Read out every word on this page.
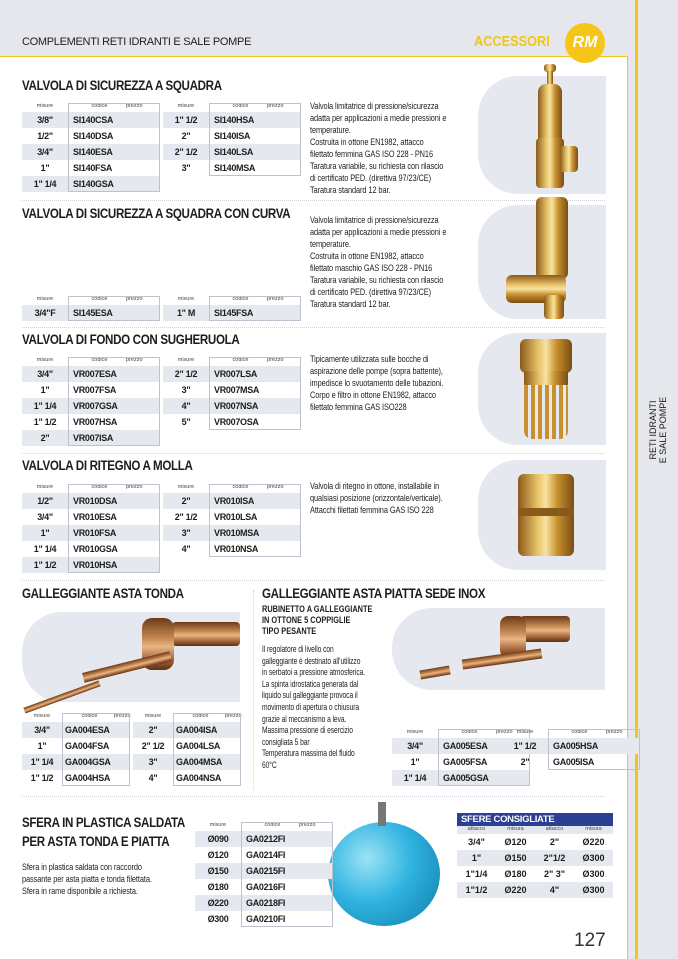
RETI IDRANTI E SALE POMPE
COMPLEMENTI RETI IDRANTI E SALE POMPE	ACCESSORI	RM
VALVOLA DI SICUREZZA A SQUADRA
VALVOLA DI SICUREZZA A SQUADRA CON CURVA
VALVOLA DI FONDO CON SUGHERUOLA
VALVOLA DI RITEGNO A MOLLA
GALLEGGIANTE ASTA TONDA	GALLEGGIANTE ASTA PIATTA SEDE INOX
SFERA IN PLASTICA SALDATA
PER ASTA TONDA E PIATTA
Valvola limitatrice di pressione/sicurezza
adatta per applicazioni a medie pressioni e
temperature.
Costruita in ottone EN1982, attacco
filettato femmina GAS ISO 228 - PN16
Taratura variabile, su richiesta con rilascio
di certificato PED. (direttiva 97/23/CE)
Taratura standard 12 bar.
Valvola limitatrice di pressione/sicurezza
adatta per applicazioni a medie pressioni e
temperature.
Costruita in ottone EN1982, attacco
filettato maschio GAS ISO 228 - PN16
Taratura variabile, su richiesta con rilascio
di certificato PED. (direttiva 97/23/CE)
Taratura standard 12 bar.
Tipicamente utilizzata sulle bocche di
aspirazione delle pompe (sopra battente),
impedisce lo svuotamento delle tubazioni.
Corpo e filtro in ottone EN1982, attacco
filettato femmina GAS ISO228
Valvola di ritegno in ottone, installabile in
qualsiasi posizione (orizzontale/verticale).
Attacchi filettati femmina GAS ISO 228
RUBINETTO A GALLEGGIANTE
IN OTTONE 5 COPPIGLIE
TIPO PESANTE
Il regolatore di livello con
galleggiante è destinato all'utilizzo
in serbatoi a pressione atmosferica.
La spinta idrostatica generata dal
liquido sul galleggiante provoca il
movimento di apertura o chiusura
grazie al meccanismo a leva.
Massima pressione di esercizio
consigliata 5 bar
Temperatura massima del fluido
60°C
Sfera in plastica saldata con raccordo
passante per asta piatta e tonda filettata.
Sfera in rame disponibile a richiesta.
misure	codice	prezzo
3/8"	SI140CSA
1/2"	SI140DSA
3/4"	SI140ESA
1"	SI140FSA
1" 1/4	SI140GSA
misure	codice	prezzo
1" 1/2	SI140HSA
2"	SI140ISA
2" 1/2	SI140LSA
3"	SI140MSA
misure	codice	prezzo
3/4"F	SI145ESA
misure	codice	prezzo
1" M	SI145FSA
misure	codice	prezzo
3/4"	VR007ESA
1"	VR007FSA
1" 1/4	VR007GSA
1" 1/2	VR007HSA
2"	VR007ISA
misure	codice	prezzo
2" 1/2	VR007LSA
3"	VR007MSA
4"	VR007NSA
5"	VR007OSA
misure	codice	prezzo
1/2"	VR010DSA
3/4"	VR010ESA
1"	VR010FSA
1" 1/4	VR010GSA
1" 1/2	VR010HSA
misure	codice	prezzo
2"	VR010ISA
2" 1/2	VR010LSA
3"	VR010MSA
4"	VR010NSA
misure	codice	prezzo
3/4"	GA004ESA
1"	GA004FSA
1" 1/4	GA004GSA
1" 1/2	GA004HSA
misure	codice	prezzo
2"	GA004ISA
2" 1/2	GA004LSA
3"	GA004MSA
4"	GA004NSA
misure	codice	prezzo
3/4"	GA005ESA
1"	GA005FSA
1" 1/4	GA005GSA
misure	codice	prezzo
1" 1/2	GA005HSA
2"	GA005ISA
misure	codice	prezzo
Ø090	GA0212FI
Ø120	GA0214FI
Ø150	GA0215FI
Ø180	GA0216FI
Ø220	GA0218FI
Ø300	GA0210FI
SFERE CONSIGLIATE
attacco	misura	attacco	misura
3/4"	Ø120	2"	Ø220
1"	Ø150	2"1/2	Ø300
1"1/4	Ø180	2" 3"	Ø300
1"1/2	Ø220	4"	Ø300
127
